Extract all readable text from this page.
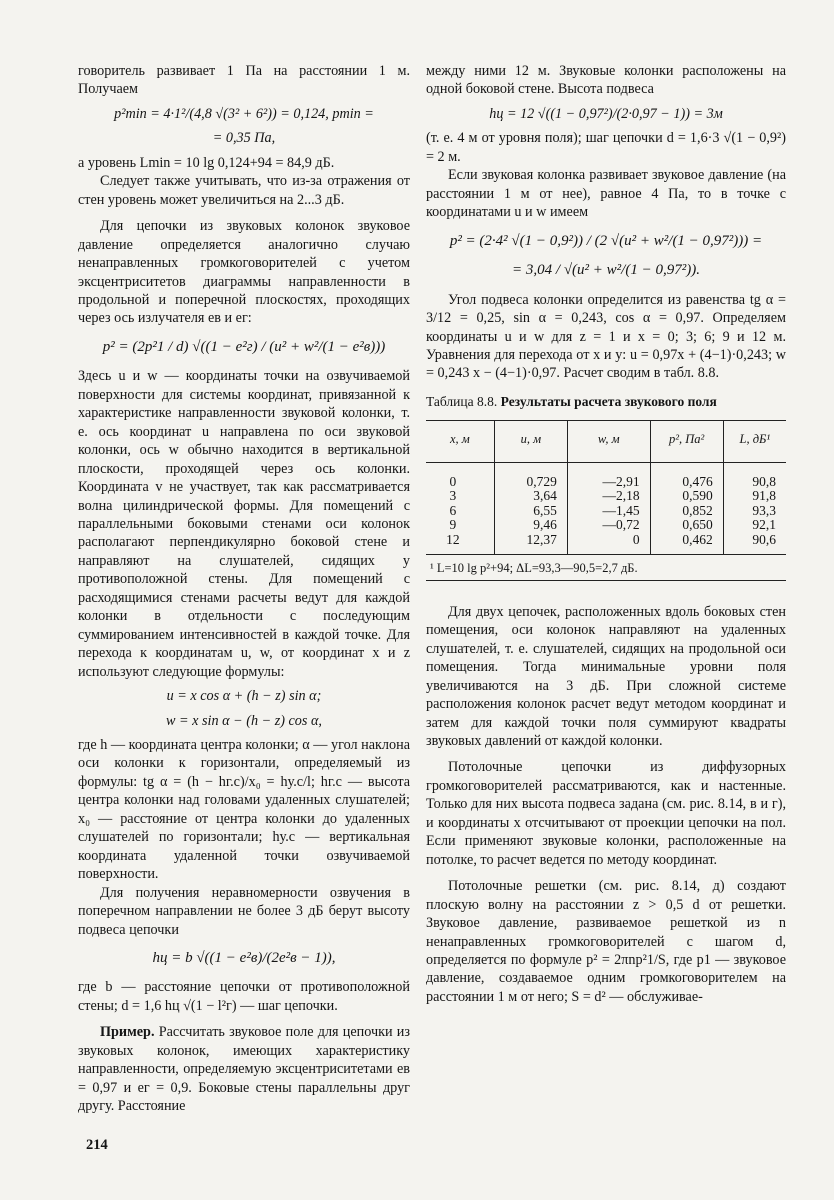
говоритель развивает 1 Па на расстоянии 1 м. Получаем

p²min = 4·1²/(4,8 √(3² + 6²)) = 0,124, pmin =
= 0,35 Па,

а уровень Lmin = 10 lg 0,124+94 = 84,9 дБ.

Следует также учитывать, что из-за отражения от стен уровень может увеличиться на 2...3 дБ.

Для цепочки из звуковых колонок звуковое давление определяется аналогично случаю ненаправленных громкоговорителей с учетом эксцентриситетов диаграммы направленности в продольной и поперечной плоскостях, проходящих через ось излучателя eв и eг:

p² = (2p²1 / d) √((1 − e²г) / (u² + w²/(1 − e²в)))

Здесь u и w — координаты точки на озвучиваемой поверхности для системы координат, привязанной к характеристике направленности звуковой колонки, т. е. ось координат u направлена по оси звуковой колонки, ось w обычно находится в вертикальной плоскости, проходящей через ось колонки. Координата v не участвует, так как рассматривается волна цилиндрической формы. Для помещений с параллельными боковыми стенами оси колонок располагают перпендикулярно боковой стене и направляют на слушателей, сидящих у противоположной стены. Для помещений с расходящимися стенами расчеты ведут для каждой колонки в отдельности с последующим суммированием интенсивностей в каждой точке. Для перехода к координатам u, w, от координат x и z используют следующие формулы:

u = x cos α + (h − z) sin α;
w = x sin α − (h − z) cos α,

где h — координата центра колонки; α — угол наклона оси колонки к горизонтали, определяемый из формулы: tg α = (h − hг.с)/x₀ = hу.с/l; hг.с — высота центра колонки над головами удаленных слушателей; x₀ — расстояние от центра колонки до удаленных слушателей по горизонтали; hу.с — вертикальная координата удаленной точки озвучиваемой поверхности.

Для получения неравномерности озвучения в поперечном направлении не более 3 дБ берут высоту подвеса цепочки

hц = b √((1 − e²в)/(2e²в − 1)),

где b — расстояние цепочки от противоположной стены; d = 1,6 hц √(1 − l²г) — шаг цепочки.

Пример. Рассчитать звуковое поле для цепочки из звуковых колонок, имеющих характеристику направленности, определяемую эксцентриситетами eв = 0,97 и eг = 0,9. Боковые стены параллельны друг другу. Расстояние

между ними 12 м. Звуковые колонки расположены на одной боковой стене. Высота подвеса

hц = 12 √((1 − 0,97²)/(2·0,97 − 1)) = 3м

(т. е. 4 м от уровня поля); шаг цепочки d = 1,6·3 √(1 − 0,9²) = 2 м.

Если звуковая колонка развивает звуковое давление (на расстоянии 1 м от нее), равное 4 Па, то в точке с координатами u и w имеем

p² = (2·4² √(1 − 0,9²)) / (2 √(u² + w²/(1 − 0,97²))) =
= 3,04 / √(u² + w²/(1 − 0,97²)).

Угол подвеса колонки определится из равенства tg α = 3/12 = 0,25, sin α = 0,243, cos α = 0,97. Определяем координаты u и w для z = 1 и x = 0; 3; 6; 9 и 12 м. Уравнения для перехода от x и y: u = 0,97x + (4−1)·0,243; w = 0,243 x − (4−1)·0,97. Расчет сводим в табл. 8.8.

Таблица 8.8. Результаты расчета звукового поля
x, м	u, м	w, м	p², Па²	L, дБ¹
0	0,729	—2,91	0,476	90,8
3	3,64	—2,18	0,590	91,8
6	6,55	—1,45	0,852	93,3
9	9,46	—0,72	0,650	92,1
12	12,37	0	0,462	90,6
¹ L=10 lg p²+94; ΔL=93,3—90,5=2,7 дБ.

Для двух цепочек, расположенных вдоль боковых стен помещения, оси колонок направляют на удаленных слушателей, т. е. слушателей, сидящих на продольной оси помещения. Тогда минимальные уровни поля увеличиваются на 3 дБ. При сложной системе расположения колонок расчет ведут методом координат и затем для каждой точки поля суммируют квадраты звуковых давлений от каждой колонки.

Потолочные цепочки из диффузорных громкоговорителей рассматриваются, как и настенные. Только для них высота подвеса задана (см. рис. 8.14, в и г), и координаты x отсчитывают от проекции цепочки на пол. Если применяют звуковые колонки, расположенные на потолке, то расчет ведется по методу координат.

Потолочные решетки (см. рис. 8.14, д) создают плоскую волну на расстоянии z > 0,5 d от решетки. Звуковое давление, развиваемое решеткой из n ненаправленных громкоговорителей с шагом d, определяется по формуле p² = 2πnp²1/S, где p1 — звуковое давление, создаваемое одним громкоговорителем на расстоянии 1 м от него; S = d² — обслуживае-

214
